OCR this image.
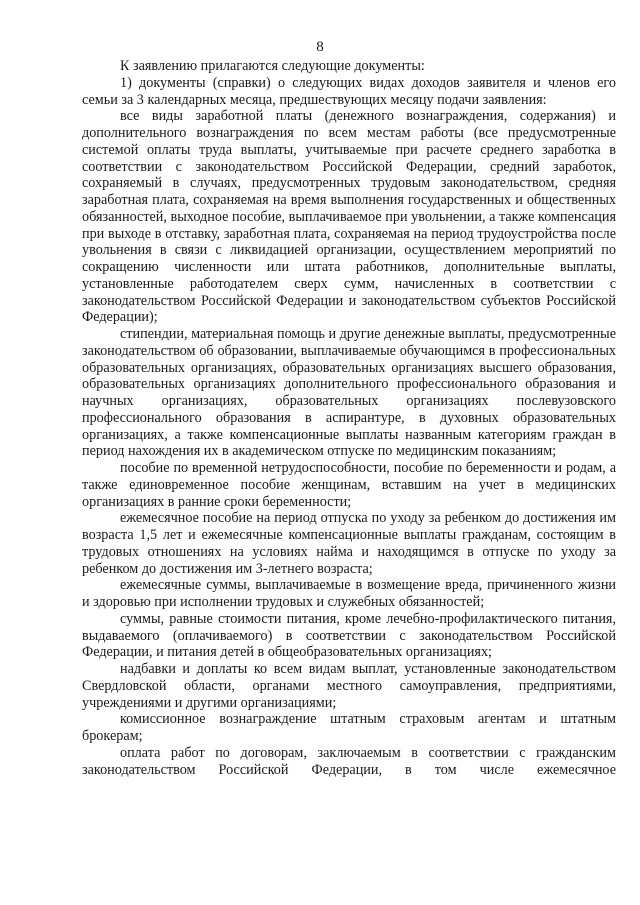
8

К заявлению прилагаются следующие документы:

1) документы (справки) о следующих видах доходов заявителя и членов его семьи за 3 календарных месяца, предшествующих месяцу подачи заявления:

все виды заработной платы (денежного вознаграждения, содержания) и дополнительного вознаграждения по всем местам работы (все предусмотренные системой оплаты труда выплаты, учитываемые при расчете среднего заработка в соответствии с законодательством Российской Федерации, средний заработок, сохраняемый в случаях, предусмотренных трудовым законодательством, средняя заработная плата, сохраняемая на время выполнения государственных и общественных обязанностей, выходное пособие, выплачиваемое при увольнении, а также компенсация при выходе в отставку, заработная плата, сохраняемая на период трудоустройства после увольнения в связи с ликвидацией организации, осуществлением мероприятий по сокращению численности или штата работников, дополнительные выплаты, установленные работодателем сверх сумм, начисленных в соответствии с законодательством Российской Федерации и законодательством субъектов Российской Федерации);

стипендии, материальная помощь и другие денежные выплаты, предусмотренные законодательством об образовании, выплачиваемые обучающимся в профессиональных образовательных организациях, образовательных организациях высшего образования, образовательных организациях дополнительного профессионального образования и научных организациях, образовательных организациях послевузовского профессионального образования в аспирантуре, в духовных образовательных организациях, а также компенсационные выплаты названным категориям граждан в период нахождения их в академическом отпуске по медицинским показаниям;

пособие по временной нетрудоспособности, пособие по беременности и родам, а также единовременное пособие женщинам, вставшим на учет в медицинских организациях в ранние сроки беременности;

ежемесячное пособие на период отпуска по уходу за ребенком до достижения им возраста 1,5 лет и ежемесячные компенсационные выплаты гражданам, состоящим в трудовых отношениях на условиях найма и находящимся в отпуске по уходу за ребенком до достижения им 3-летнего возраста;

ежемесячные суммы, выплачиваемые в возмещение вреда, причиненного жизни и здоровью при исполнении трудовых и служебных обязанностей;

суммы, равные стоимости питания, кроме лечебно-профилактического питания, выдаваемого (оплачиваемого) в соответствии с законодательством Российской Федерации, и питания детей в общеобразовательных организациях;

надбавки и доплаты ко всем видам выплат, установленные законодательством Свердловской области, органами местного самоуправления, предприятиями, учреждениями и другими организациями;

комиссионное вознаграждение штатным страховым агентам и штатным брокерам;

оплата работ по договорам, заключаемым в соответствии с гражданским законодательством Российской Федерации, в том числе ежемесячное
